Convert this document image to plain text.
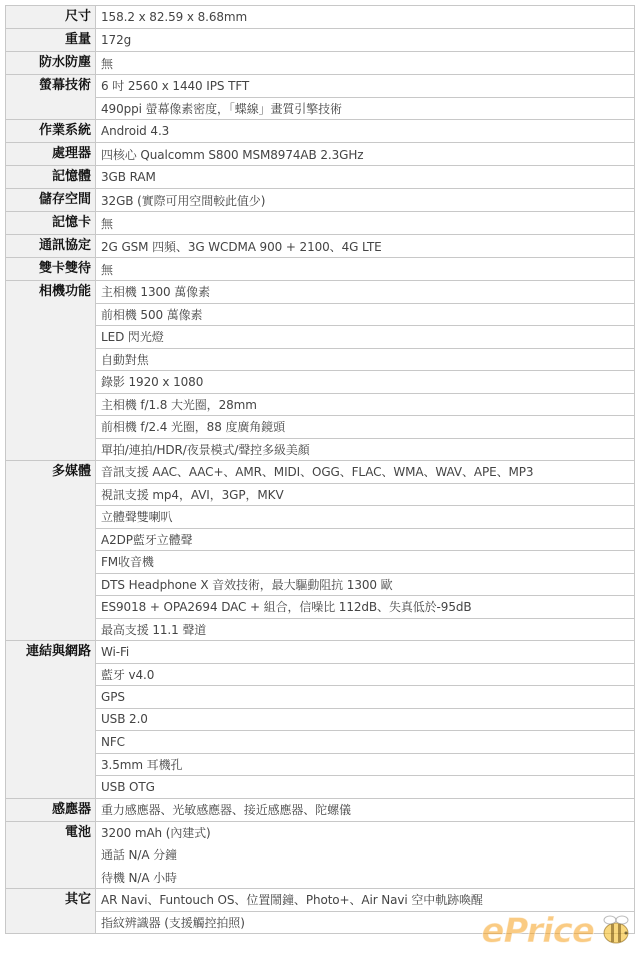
尺寸	158.2 x 82.59 x 8.68mm
重量	172g
防水防塵	無
螢幕技術	6 吋 2560 x 1440 IPS TFT
	490ppi 螢幕像素密度，「蝶線」畫質引擎技術
作業系統	Android 4.3
處理器	四核心 Qualcomm S800 MSM8974AB 2.3GHz
記憶體	3GB RAM
儲存空間	32GB (實際可用空間較此值少)
記憶卡	無
通訊協定	2G GSM 四頻、3G WCDMA 900 + 2100、4G LTE
雙卡雙待	無
相機功能	主相機 1300 萬像素
	前相機 500 萬像素
	LED 閃光燈
	自動對焦
	錄影 1920 x 1080
	主相機 f/1.8 大光圈，28mm
	前相機 f/2.4 光圈，88 度廣角鏡頭
	單拍/連拍/HDR/夜景模式/聲控多級美顏
多媒體	音訊支援 AAC、AAC+、AMR、MIDI、OGG、FLAC、WMA、WAV、APE、MP3
	視訊支援 mp4，AVI，3GP，MKV
	立體聲雙喇叭
	A2DP藍牙立體聲
	FM收音機
	DTS Headphone X 音效技術，最大驅動阻抗 1300 歐
	ES9018 + OPA2694 DAC + 組合，信噪比 112dB、失真低於-95dB
	最高支援 11.1 聲道
連結與網路	Wi-Fi
	藍牙 v4.0
	GPS
	USB 2.0
	NFC
	3.5mm 耳機孔
	USB OTG
感應器	重力感應器、光敏感應器、接近感應器、陀螺儀
電池	3200 mAh (內建式)
	通話 N/A 分鐘
	待機 N/A 小時
其它	AR Navi、Funtouch OS、位置鬧鐘、Photo+、Air Navi 空中軌跡喚醒
	指紋辨識器 (支援觸控拍照)	ePrice
